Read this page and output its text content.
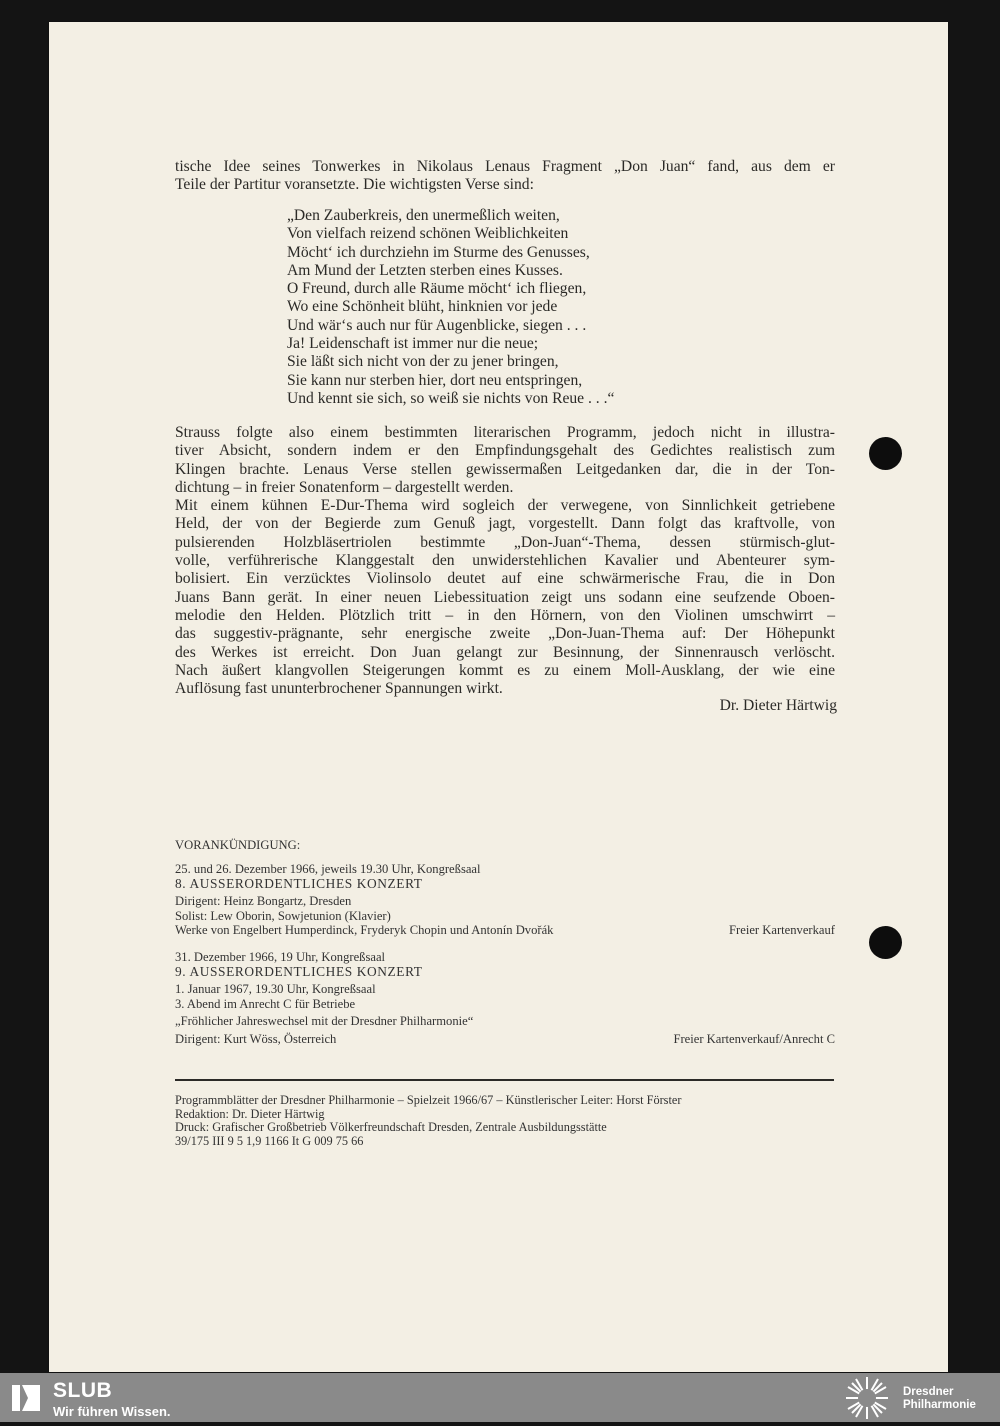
tische Idee seines Tonwerkes in Nikolaus Lenaus Fragment „Don Juan“ fand, aus dem er

Teile der Partitur voransetzte. Die wichtigsten Verse sind:

„Den Zauberkreis, den unermeßlich weiten,
Von vielfach reizend schönen Weiblichkeiten
Möcht‘ ich durchziehn im Sturme des Genusses,
Am Mund der Letzten sterben eines Kusses.
O Freund, durch alle Räume möcht‘ ich fliegen,
Wo eine Schönheit blüht, hinknien vor jede
Und wär‘s auch nur für Augenblicke, siegen . . .
Ja! Leidenschaft ist immer nur die neue;
Sie läßt sich nicht von der zu jener bringen,
Sie kann nur sterben hier, dort neu entspringen,
Und kennt sie sich, so weiß sie nichts von Reue . . .“

Strauss folgte also einem bestimmten literarischen Programm, jedoch nicht in illustra-

tiver Absicht, sondern indem er den Empfindungsgehalt des Gedichtes realistisch zum

Klingen brachte. Lenaus Verse stellen gewissermaßen Leitgedanken dar, die in der Ton-

dichtung – in freier Sonatenform – dargestellt werden.

Mit einem kühnen E-Dur-Thema wird sogleich der verwegene, von Sinnlichkeit getriebene

Held, der von der Begierde zum Genuß jagt, vorgestellt. Dann folgt das kraftvolle, von

pulsierenden Holzbläsertriolen bestimmte „Don-Juan“-Thema, dessen stürmisch-glut-

volle, verführerische Klanggestalt den unwiderstehlichen Kavalier und Abenteurer sym-

bolisiert. Ein verzücktes Violinsolo deutet auf eine schwärmerische Frau, die in Don

Juans Bann gerät. In einer neuen Liebessituation zeigt uns sodann eine seufzende Oboen-

melodie den Helden. Plötzlich tritt – in den Hörnern, von den Violinen umschwirrt –

das suggestiv-prägnante, sehr energische zweite „Don-Juan-Thema auf: Der Höhepunkt

des Werkes ist erreicht. Don Juan gelangt zur Besinnung, der Sinnenrausch verlöscht.

Nach äußert klangvollen Steigerungen kommt es zu einem Moll-Ausklang, der wie eine

Auflösung fast ununterbrochener Spannungen wirkt.

Dr. Dieter Härtwig
VORANKÜNDIGUNG:
25. und 26. Dezember 1966, jeweils 19.30 Uhr, Kongreßsaal
8. AUSSERORDENTLICHES KONZERT
Dirigent: Heinz Bongartz, Dresden
Solist: Lew Oborin, Sowjetunion (Klavier)
Werke von Engelbert Humperdinck, Fryderyk Chopin und Antonín Dvořák	Freier Kartenverkauf
31. Dezember 1966, 19 Uhr, Kongreßsaal
9. AUSSERORDENTLICHES KONZERT
1. Januar 1967, 19.30 Uhr, Kongreßsaal
3. Abend im Anrecht C für Betriebe
„Fröhlicher Jahreswechsel mit der Dresdner Philharmonie“
Dirigent: Kurt Wöss, Österreich	Freier Kartenverkauf/Anrecht C
Programmblätter der Dresdner Philharmonie – Spielzeit 1966/67 – Künstlerischer Leiter: Horst Förster
Redaktion: Dr. Dieter Härtwig
Druck: Grafischer Großbetrieb Völkerfreundschaft Dresden, Zentrale Ausbildungsstätte
39/175 III 9 5 1,9 1166 It G 009 75 66
SLUB
Wir führen Wissen.
Dresdner
Philharmonie
